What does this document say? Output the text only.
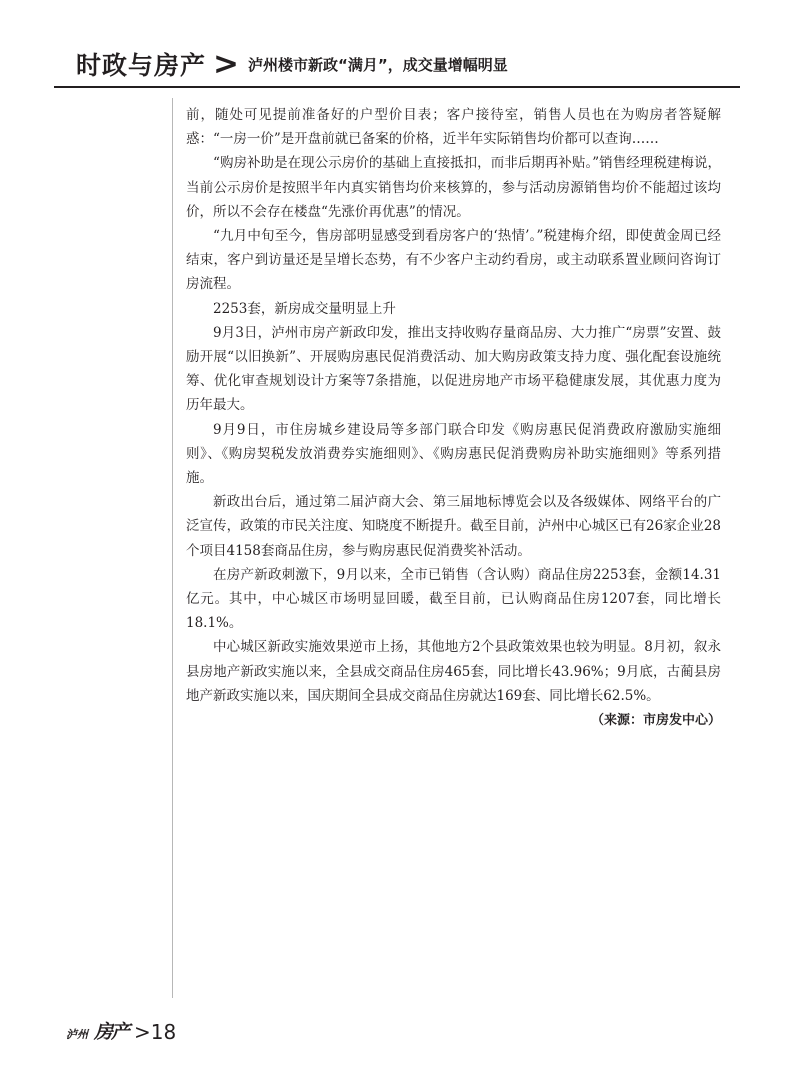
时政与房产 > 泸州楼市新政“满月”，成交量增幅明显

前，随处可见提前准备好的户型价目表；客户接待室，销售人员也在为购房者答疑解惑：“一房一价”是开盘前就已备案的价格，近半年实际销售均价都可以查询……

“购房补助是在现公示房价的基础上直接抵扣，而非后期再补贴。”销售经理税建梅说，当前公示房价是按照半年内真实销售均价来核算的，参与活动房源销售均价不能超过该均价，所以不会存在楼盘“先涨价再优惠”的情况。

“九月中旬至今，售房部明显感受到看房客户的‘热情’。”税建梅介绍，即使黄金周已经结束，客户到访量还是呈增长态势，有不少客户主动约看房，或主动联系置业顾问咨询订房流程。

2253套，新房成交量明显上升

9月3日，泸州市房产新政印发，推出支持收购存量商品房、大力推广“房票”安置、鼓励开展“以旧换新”、开展购房惠民促消费活动、加大购房政策支持力度、强化配套设施统筹、优化审查规划设计方案等7条措施，以促进房地产市场平稳健康发展，其优惠力度为历年最大。

9月9日，市住房城乡建设局等多部门联合印发《购房惠民促消费政府激励实施细则》、《购房契税发放消费券实施细则》、《购房惠民促消费购房补助实施细则》等系列措施。

新政出台后，通过第二届泸商大会、第三届地标博览会以及各级媒体、网络平台的广泛宣传，政策的市民关注度、知晓度不断提升。截至目前，泸州中心城区已有26家企业28个项目4158套商品住房，参与购房惠民促消费奖补活动。

在房产新政刺激下，9月以来，全市已销售（含认购）商品住房2253套，金额14.31亿元。其中，中心城区市场明显回暖，截至目前，已认购商品住房1207套，同比增长18.1%。

中心城区新政实施效果逆市上扬，其他地方2个县政策效果也较为明显。8月初，叙永县房地产新政实施以来，全县成交商品住房465套，同比增长43.96%；9月底，古蔺县房地产新政实施以来，国庆期间全县成交商品住房就达169套、同比增长62.5%。

（来源：市房发中心）
泸州 房产 >18
